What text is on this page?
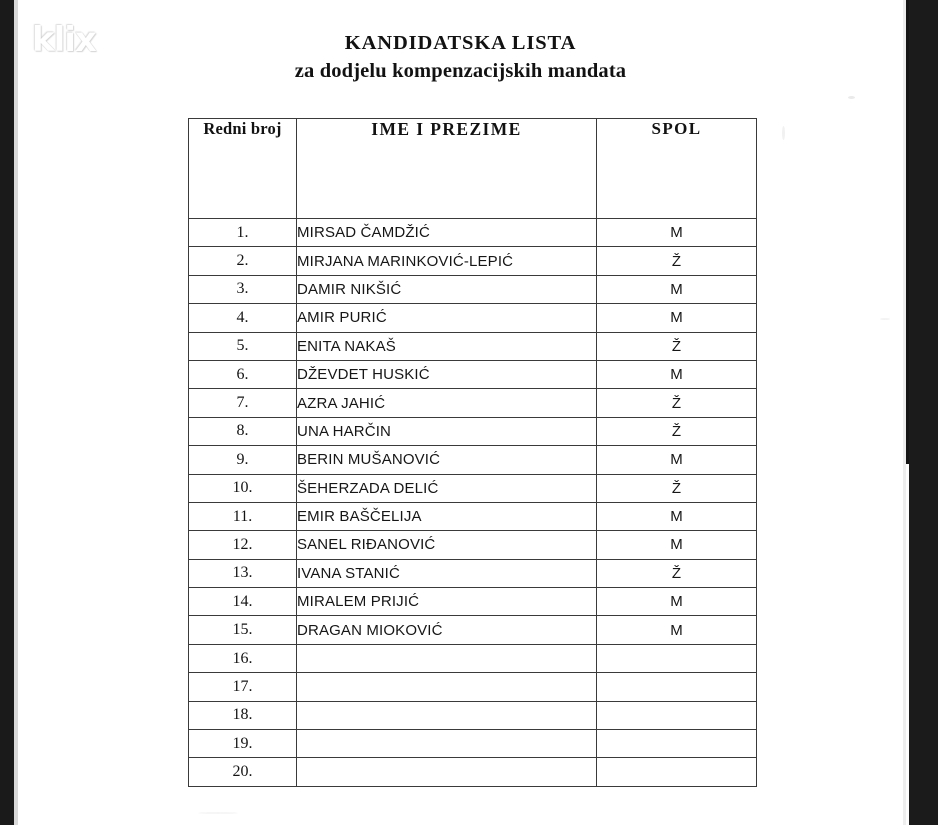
klix	KANDIDATSKA LISTA
za dodjelu kompenzacijskih mandata
Redni broj	IME I PREZIME	SPOL

1.	MIRSAD ČAMDŽIĆ	M
2.	MIRJANA MARINKOVIĆ-LEPIĆ	Ž
3.	DAMIR NIKŠIĆ	M
4.	AMIR PURIĆ	M
5.	ENITA NAKAŠ	Ž
6.	DŽEVDET HUSKIĆ	M
7.	AZRA JAHIĆ	Ž
8.	UNA HARČIN	Ž
9.	BERIN MUŠANOVIĆ	M
10.	ŠEHERZADA DELIĆ	Ž
11.	EMIR BAŠČELIJA	M
12.	SANEL RIĐANOVIĆ	M
13.	IVANA STANIĆ	Ž
14.	MIRALEM PRIJIĆ	M
15.	DRAGAN MIOKOVIĆ	M
16.		
17.		
18.		
19.		
20.		
